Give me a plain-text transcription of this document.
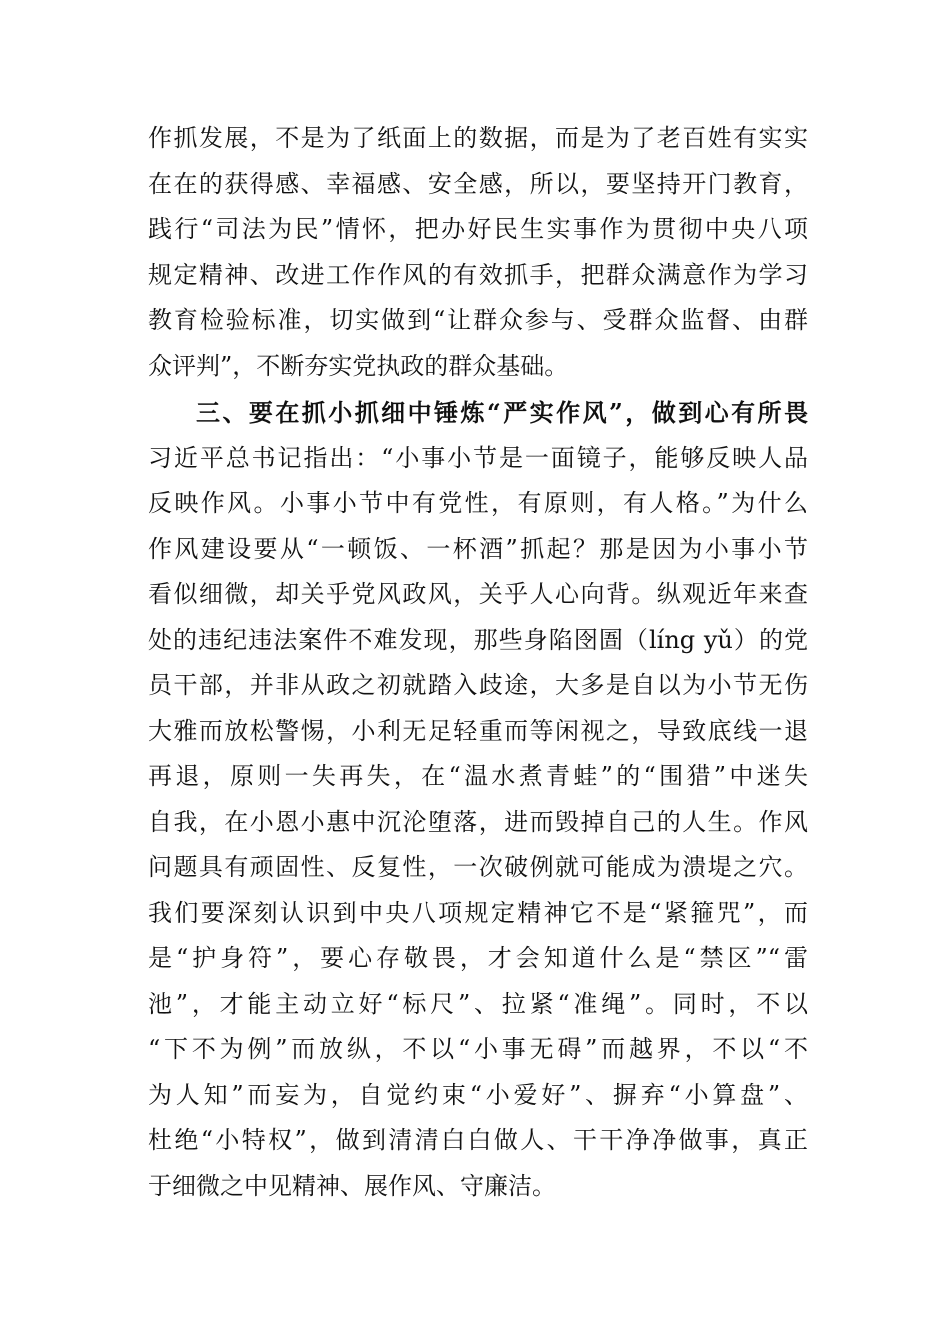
作抓发展，不是为了纸面上的数据，而是为了老百姓有实实
在在的获得感、幸福感、安全感，所以，要坚持开门教育，
践行“司法为民”情怀，把办好民生实事作为贯彻中央八项
规定精神、改进工作作风的有效抓手，把群众满意作为学习
教育检验标准，切实做到“让群众参与、受群众监督、由群
众评判”，不断夯实党执政的群众基础。
三、要在抓小抓细中锤炼“严实作风”，做到心有所畏
习近平总书记指出：“小事小节是一面镜子，能够反映人品
反映作风。小事小节中有党性，有原则，有人格。”为什么
作风建设要从“一顿饭、一杯酒”抓起？那是因为小事小节
看似细微，却关乎党风政风，关乎人心向背。纵观近年来查
处的违纪违法案件不难发现，那些身陷囹圄（líng yǔ）的党
员干部，并非从政之初就踏入歧途，大多是自以为小节无伤
大雅而放松警惕，小利无足轻重而等闲视之，导致底线一退
再退，原则一失再失，在“温水煮青蛙”的“围猎”中迷失
自我，在小恩小惠中沉沦堕落，进而毁掉自己的人生。作风
问题具有顽固性、反复性，一次破例就可能成为溃堤之穴。
我们要深刻认识到中央八项规定精神它不是“紧箍咒”，而
是“护身符”，要心存敬畏，才会知道什么是“禁区”“雷
池”，才能主动立好“标尺”、拉紧“准绳”。同时，不以
“下不为例”而放纵，不以“小事无碍”而越界，不以“不
为人知”而妄为，自觉约束“小爱好”、摒弃“小算盘”、
杜绝“小特权”，做到清清白白做人、干干净净做事，真正
于细微之中见精神、展作风、守廉洁。
